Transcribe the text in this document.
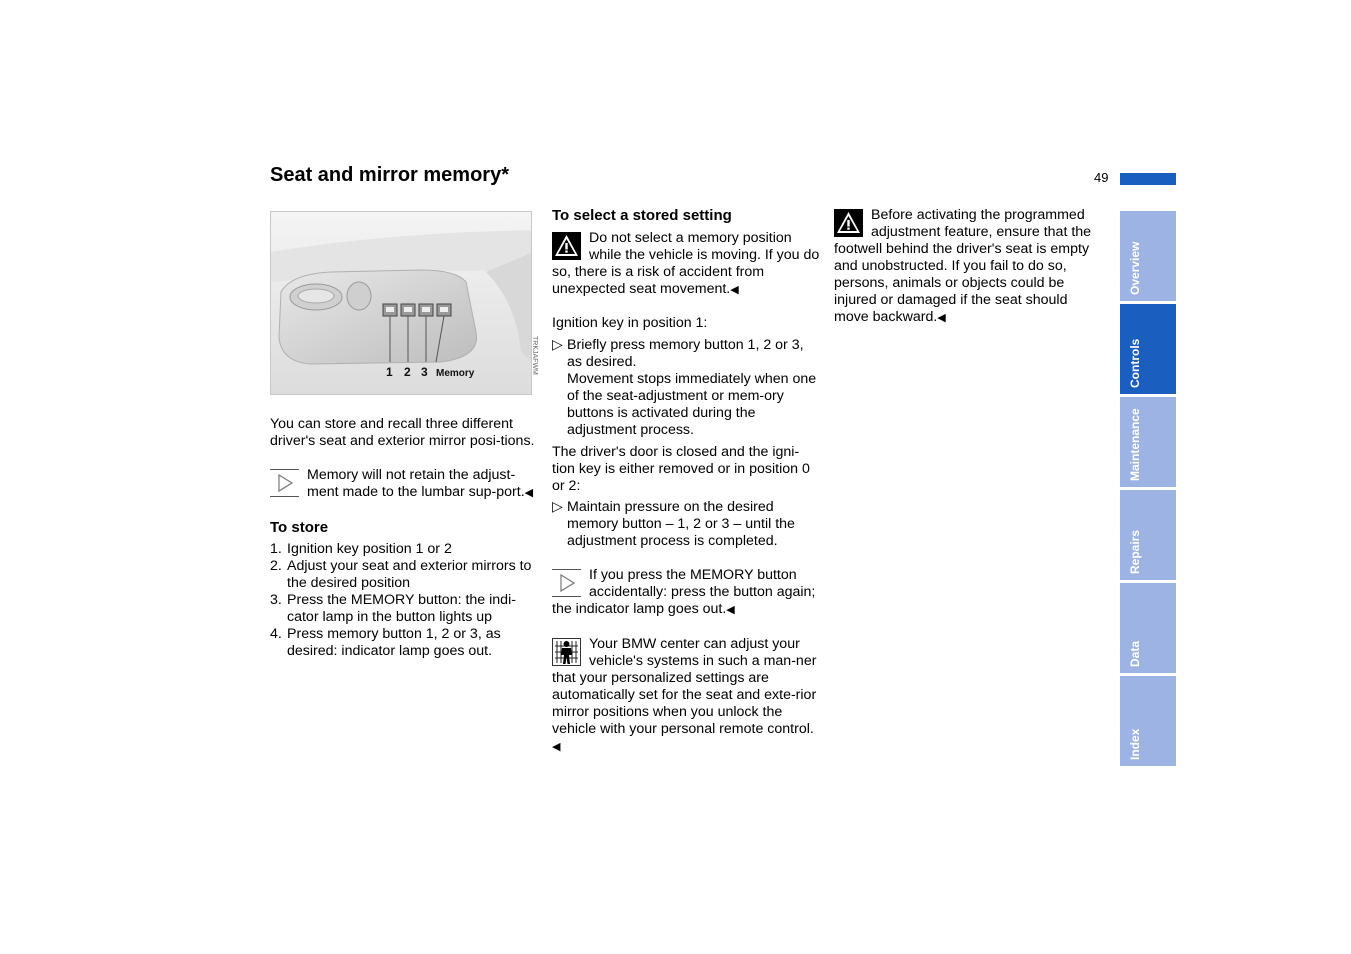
Seat and mirror memory*	49
1 2 3 Memory	TRKJAFWM

You can store and recall three different driver's seat and exterior mirror posi-tions.

Memory will not retain the adjust-ment made to the lumbar sup-port.◀
To store
1. Ignition key position 1 or 2
2. Adjust your seat and exterior mirrors to the desired position
3. Press the MEMORY button: the indi-cator lamp in the button lights up
4. Press memory button 1, 2 or 3, as desired: indicator lamp goes out.
To select a stored setting
Do not select a memory position while the vehicle is moving. If you do so, there is a risk of accident from unexpected seat movement.◀

Ignition key in position 1:

▷ Briefly press memory button 1, 2 or 3, as desired.
Movement stops immediately when one of the seat-adjustment or mem-ory buttons is activated during the adjustment process.

The driver's door is closed and the igni-tion key is either removed or in position 0 or 2:

▷ Maintain pressure on the desired memory button – 1, 2 or 3 – until the adjustment process is completed.
If you press the MEMORY button accidentally: press the button again; the indicator lamp goes out.◀
Your BMW center can adjust your vehicle's systems in such a man-ner that your personalized settings are automatically set for the seat and exte-rior mirror positions when you unlock the vehicle with your personal remote control.◀
Before activating the programmed adjustment feature, ensure that the footwell behind the driver's seat is empty and unobstructed. If you fail to do so, persons, animals or objects could be injured or damaged if the seat should move backward.◀
Overview
Controls
Maintenance
Repairs
Data
Index
